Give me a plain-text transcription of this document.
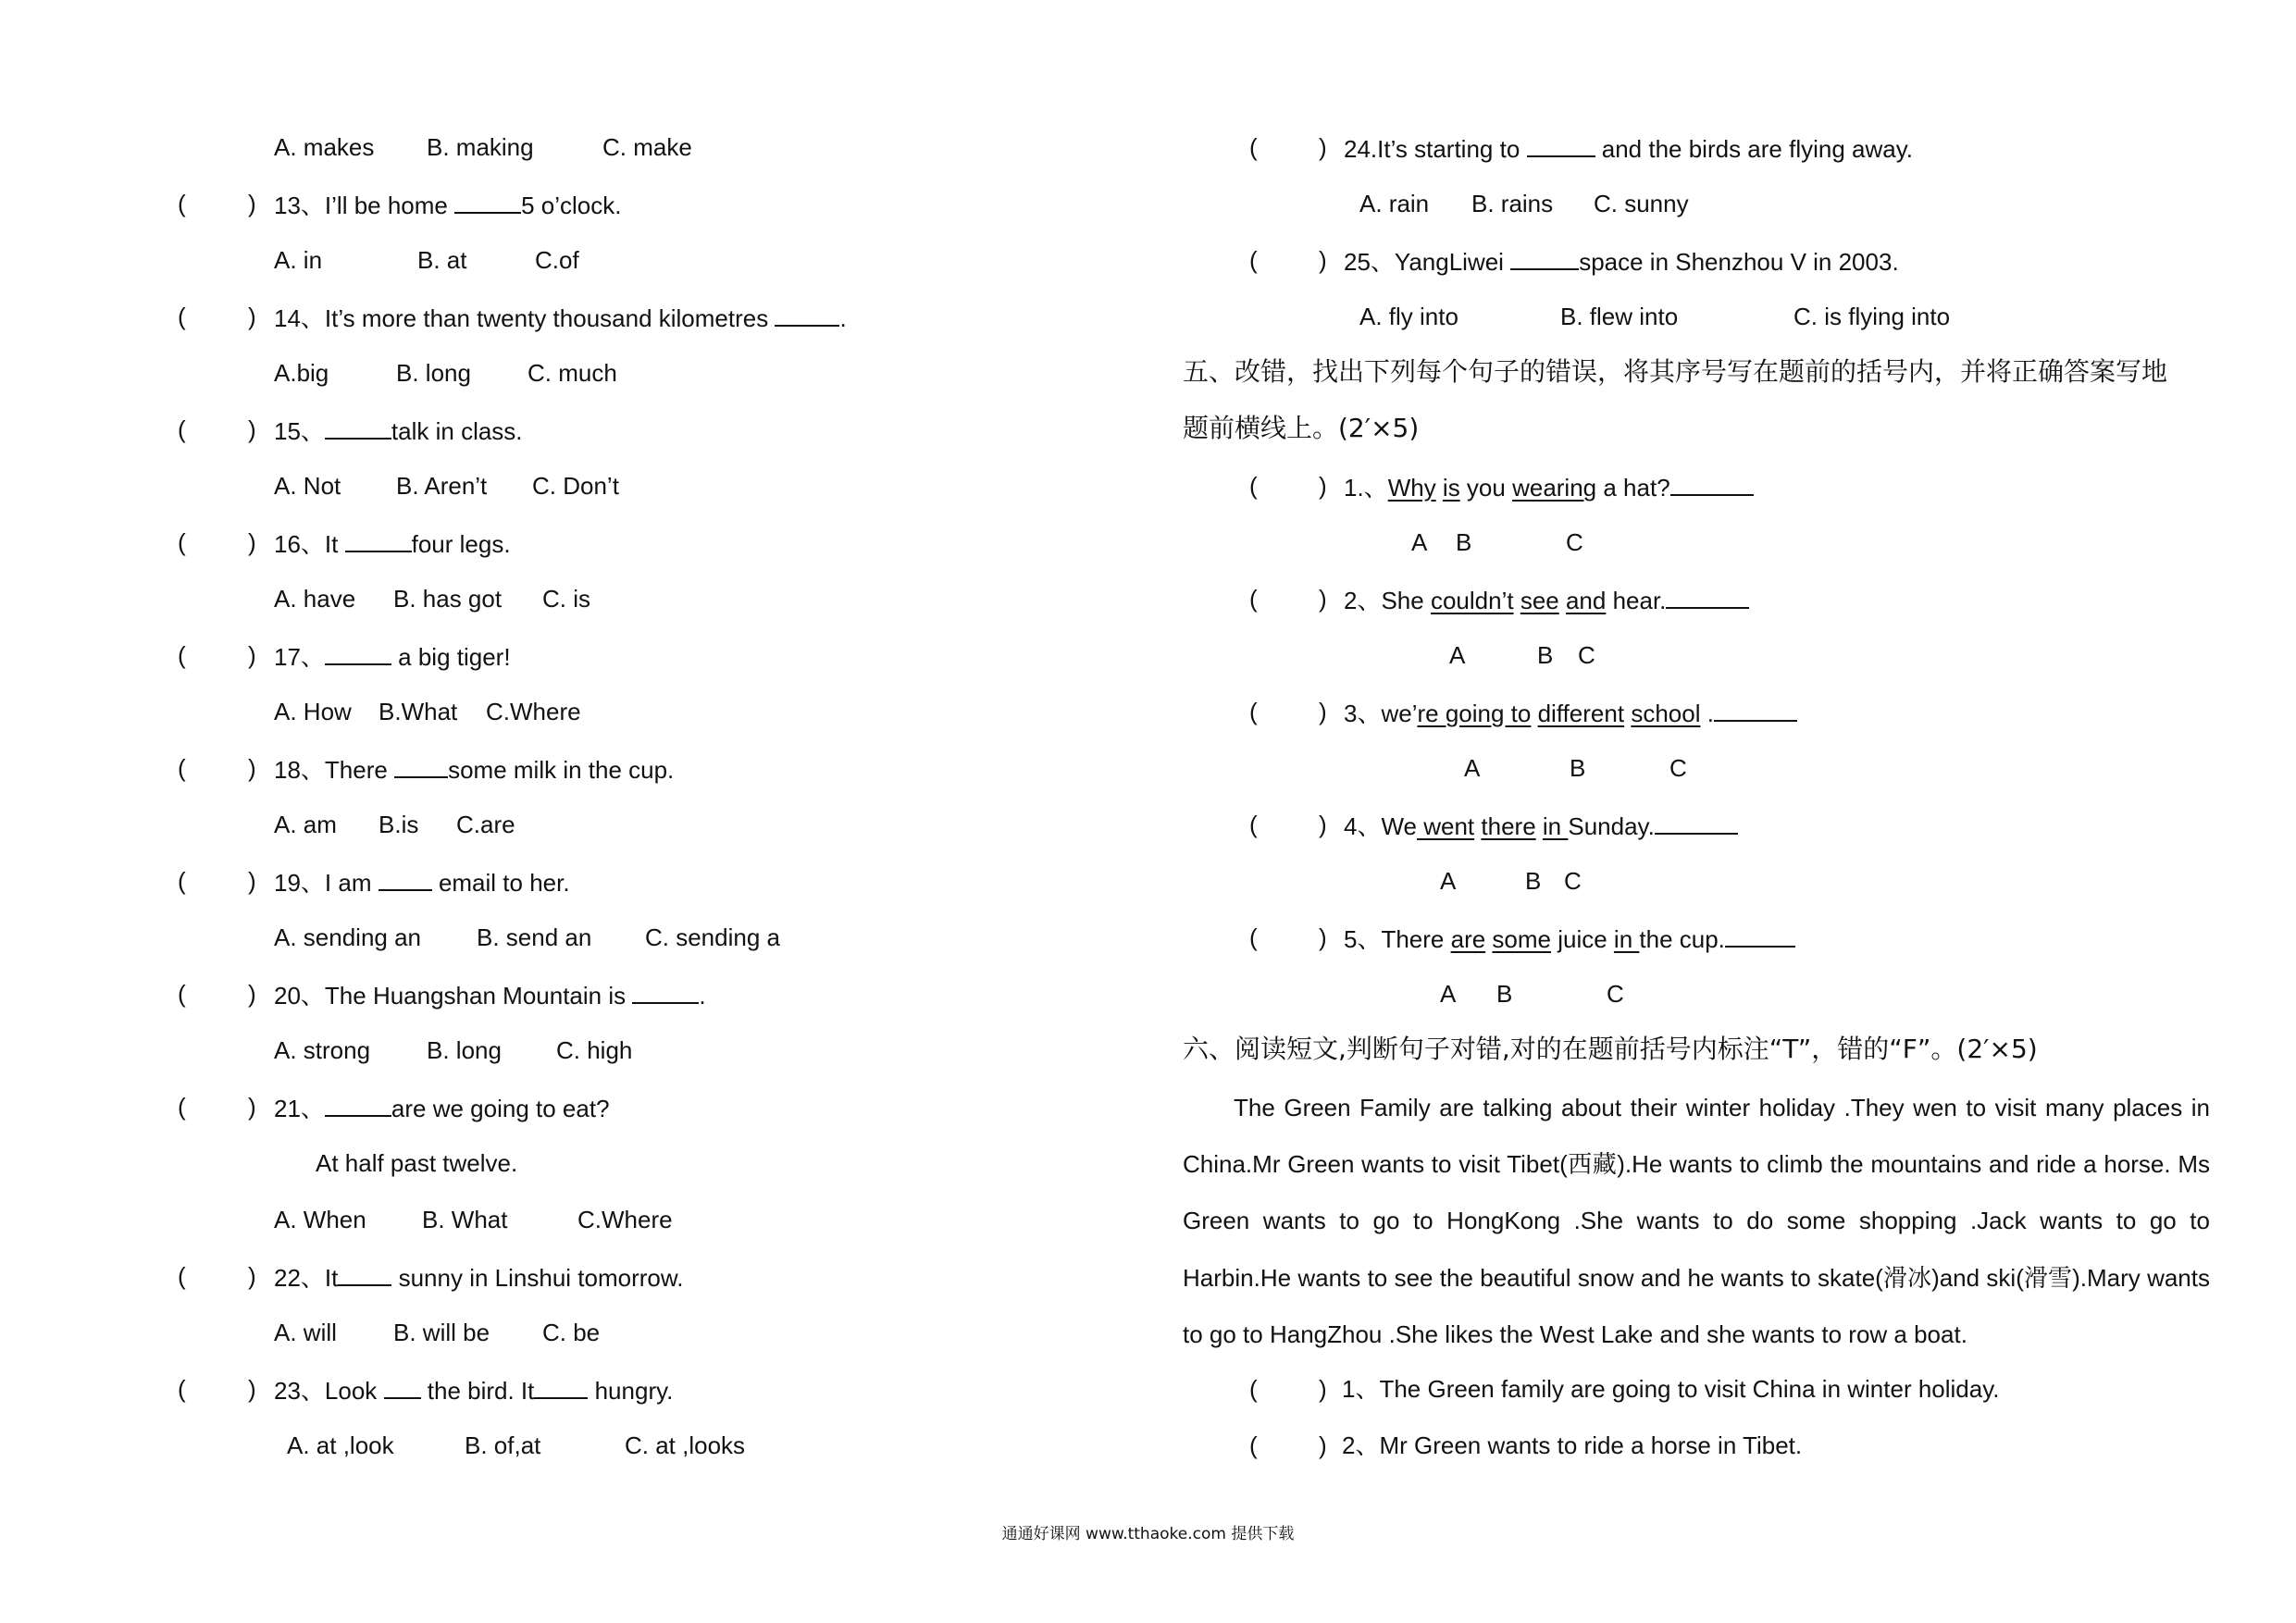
A. makes B. making	C. make
(	) 13、I’ll be home	5 o’clock.
A. in	B. at	C.of
(	) 14、It’s more than twenty thousand kilometres	.
A.big	B. long C. much
(	) 15、	talk in class.
A. Not B. Aren’t C. Don’t
(	) 16、It	four legs.
A. have B. has got C. is
(	) 17、	a big tiger!
A. How B.What C.Where
(	) 18、There some milk in the cup.
A. am B.is C.are
(	) 19、I am  email to her.
A. sending an B. send an C. sending a
(	) 20、The Huangshan Mountain is	.
A. strong B. long C. high
(	) 21、	are we going to eat?
At half past twelve.
A. When B. What	C.Where
(	) 22、It sunny in Linshui tomorrow.
A. will B. will be C. be
(	) 23、Look  the bird. It hungry.
A. at ,look	B. of,at	C. at ,looks
(	) 24.It’s starting to	and the birds are flying away.
A. rain B. rains C. sunny
(	) 25、YangLiwei	space in Shenzhou V in 2003.
A. fly into	B. flew into	C. is flying into
五、改错，找出下列每个句子的错误，将其序号写在题前的括号内，并将正确答案写地
题前横线上。(2′×5)
(	) 1.、Why is you wearing a hat?
A B	C
(	) 2、She couldn’t see and hear.
A	B C
(	) 3、we’re going to different school .
A	B	C
(	) 4、We went there in Sunday.
A	B C
(	) 5、There are some juice in the cup.
A B	C
六、阅读短文,判断句子对错,对的在题前括号内标注“T”，错的“F”。(2′×5)
The Green Family are talking about their winter holiday .They wen to visit many places in China.Mr Green wants to visit Tibet(西藏).He wants to climb the mountains and ride a horse. Ms Green wants to go to HongKong .She wants to do some shopping .Jack wants to go to Harbin.He wants to see the beautiful snow and he wants to skate(滑冰)and ski(滑雪).Mary wants to go to HangZhou .She likes the West Lake and she wants to row a boat.
(	) 1、The Green family are going to visit China in winter holiday.
(	) 2、Mr Green wants to ride a horse in Tibet.
通通好课网 www.tthaoke.com 提供下载
